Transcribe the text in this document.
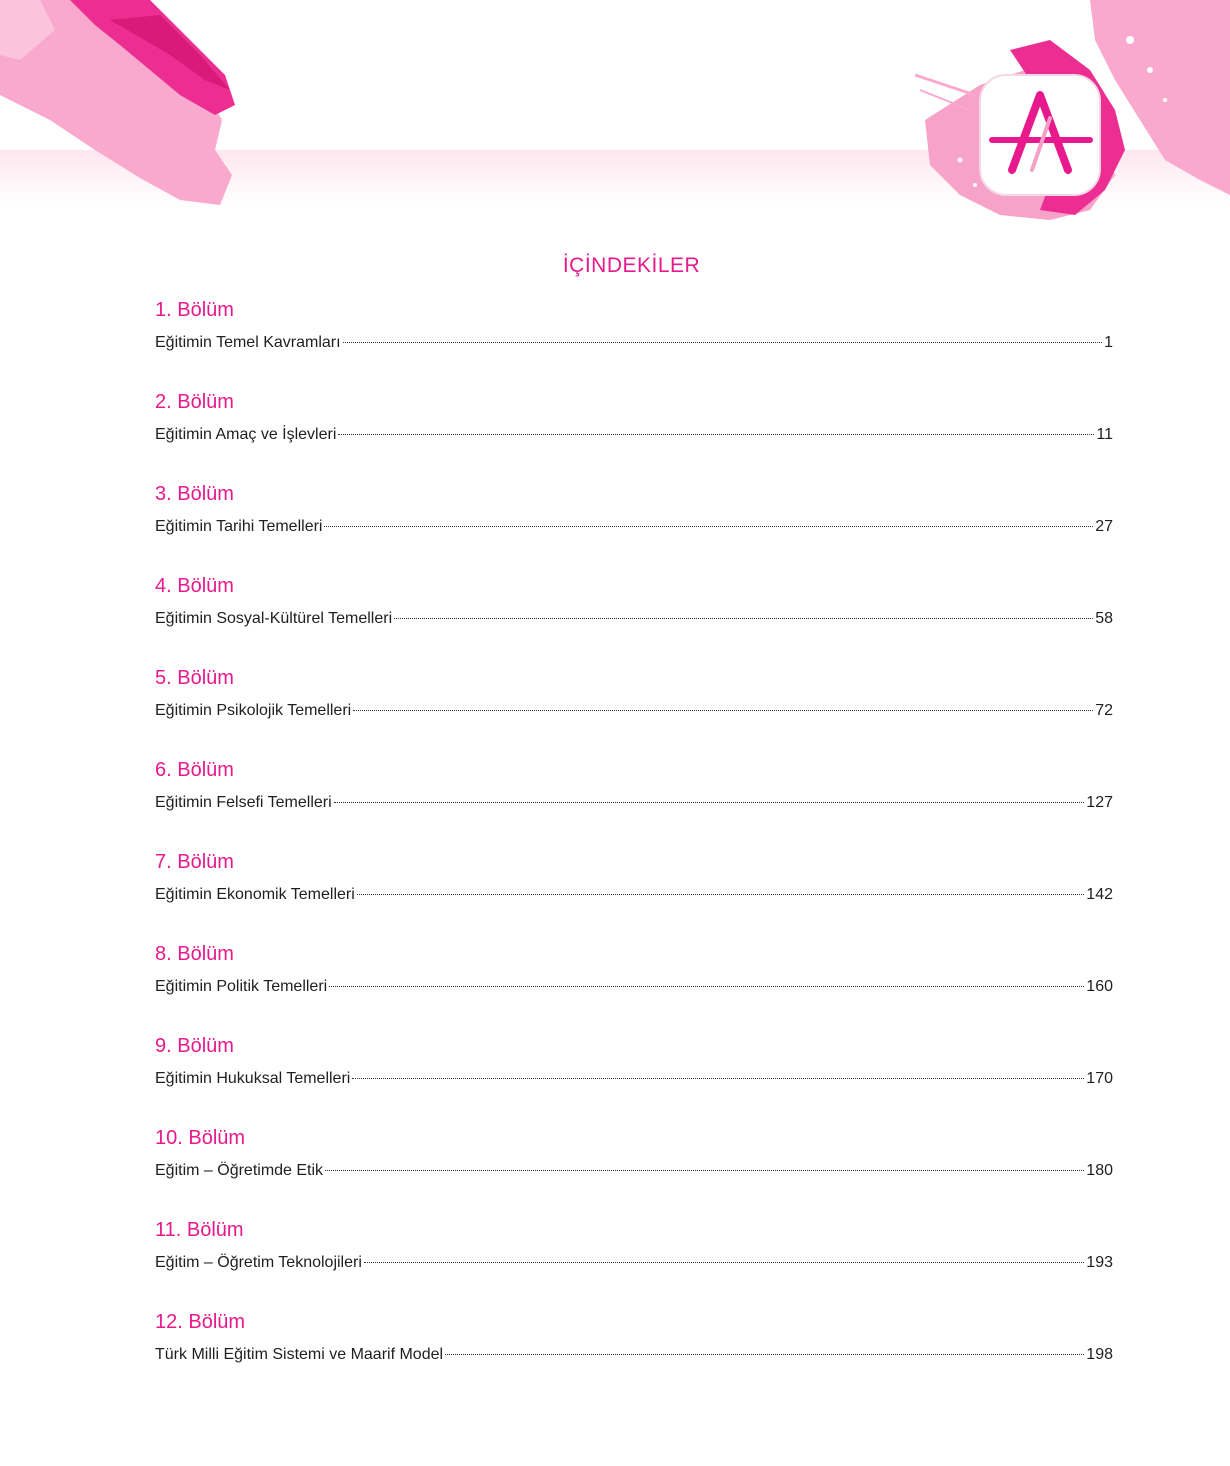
İÇİNDEKİLER
1. Bölüm
Eğitimin Temel Kavramları	1
2. Bölüm
Eğitimin Amaç ve İşlevleri	11
3. Bölüm
Eğitimin Tarihi Temelleri	27
4. Bölüm
Eğitimin Sosyal-Kültürel Temelleri	58
5. Bölüm
Eğitimin Psikolojik Temelleri	72
6. Bölüm
Eğitimin Felsefi Temelleri	127
7. Bölüm
Eğitimin Ekonomik Temelleri	142
8. Bölüm
Eğitimin Politik Temelleri	160
9. Bölüm
Eğitimin Hukuksal Temelleri	170
10. Bölüm
Eğitim – Öğretimde Etik	180
11. Bölüm
Eğitim – Öğretim Teknolojileri	193
12. Bölüm
Türk Milli Eğitim Sistemi ve Maarif Model	198
